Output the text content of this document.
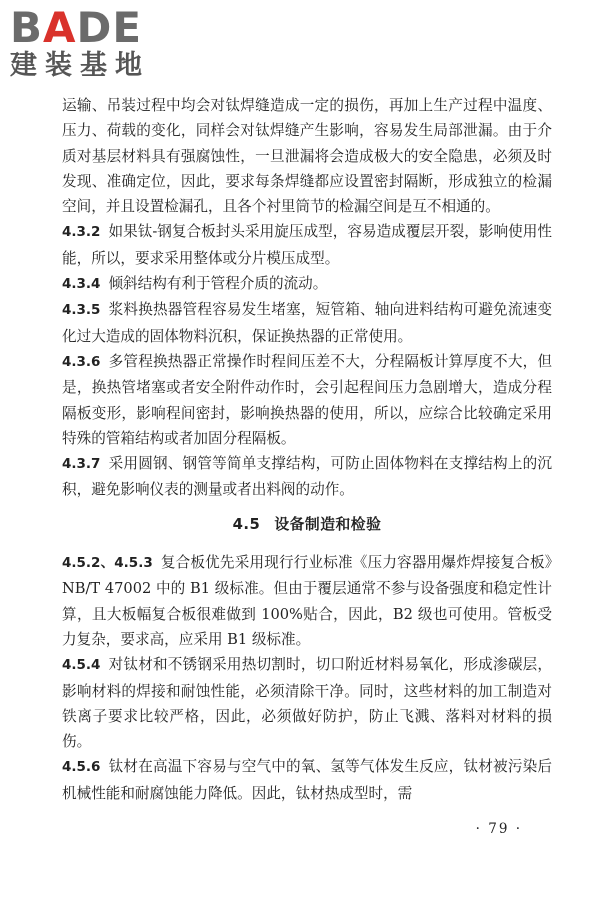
BADE
建装基地

运输、吊装过程中均会对钛焊缝造成一定的损伤，再加上生产过程中温度、压力、荷载的变化，同样会对钛焊缝产生影响，容易发生局部泄漏。由于介质对基层材料具有强腐蚀性，一旦泄漏将会造成极大的安全隐患，必须及时发现、准确定位，因此，要求每条焊缝都应设置密封隔断，形成独立的检漏空间，并且设置检漏孔，且各个衬里筒节的检漏空间是互不相通的。

4.3.2 如果钛-钢复合板封头采用旋压成型，容易造成覆层开裂，影响使用性能，所以，要求采用整体或分片模压成型。

4.3.4 倾斜结构有利于管程介质的流动。

4.3.5 浆料换热器管程容易发生堵塞，短管箱、轴向进料结构可避免流速变化过大造成的固体物料沉积，保证换热器的正常使用。

4.3.6 多管程换热器正常操作时程间压差不大，分程隔板计算厚度不大，但是，换热管堵塞或者安全附件动作时，会引起程间压力急剧增大，造成分程隔板变形，影响程间密封，影响换热器的使用，所以，应综合比较确定采用特殊的管箱结构或者加固分程隔板。

4.3.7 采用圆钢、钢管等简单支撑结构，可防止固体物料在支撑结构上的沉积，避免影响仪表的测量或者出料阀的动作。

4.5 设备制造和检验

4.5.2、4.5.3 复合板优先采用现行行业标准《压力容器用爆炸焊接复合板》NB/T 47002 中的 B1 级标准。但由于覆层通常不参与设备强度和稳定性计算，且大板幅复合板很难做到 100%贴合，因此，B2 级也可使用。管板受力复杂，要求高，应采用 B1 级标准。

4.5.4 对钛材和不锈钢采用热切割时，切口附近材料易氧化，形成渗碳层，影响材料的焊接和耐蚀性能，必须清除干净。同时，这些材料的加工制造对铁离子要求比较严格，因此，必须做好防护，防止飞溅、落料对材料的损伤。

4.5.6 钛材在高温下容易与空气中的氧、氢等气体发生反应，钛材被污染后机械性能和耐腐蚀能力降低。因此，钛材热成型时，需

· 79 ·
